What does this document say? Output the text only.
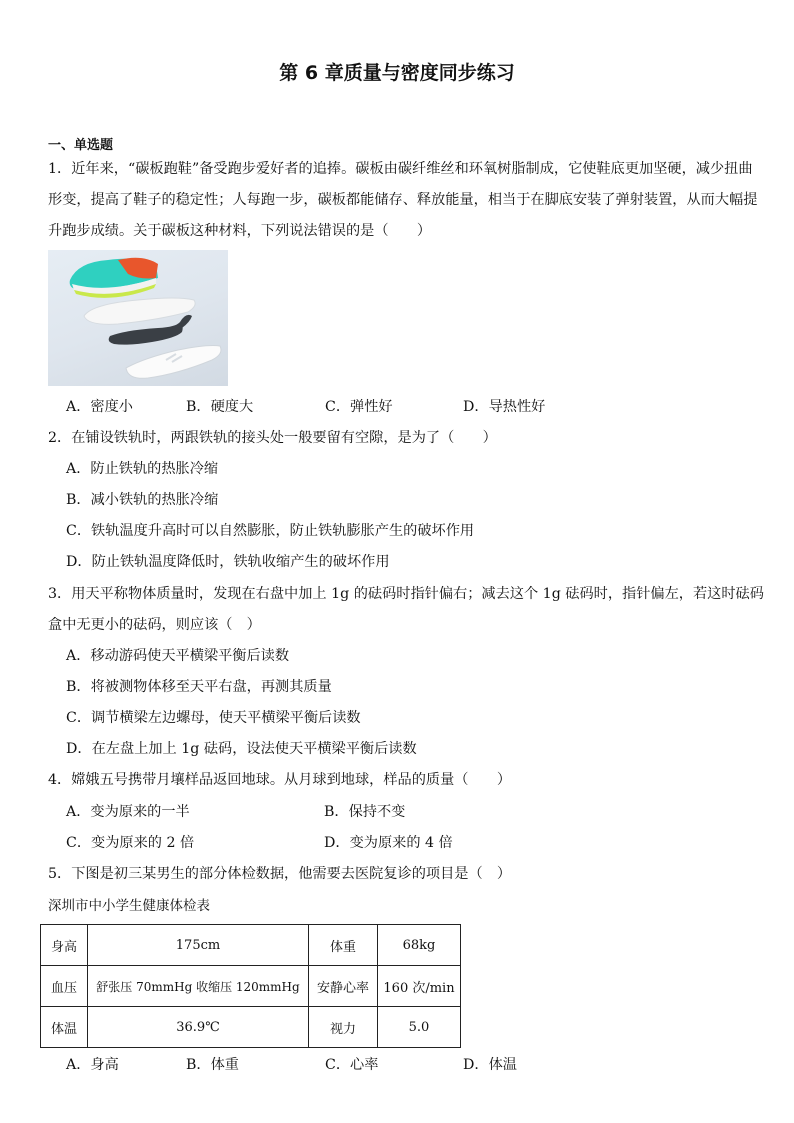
第 6 章质量与密度同步练习
一、单选题
1．近年来，“碳板跑鞋”备受跑步爱好者的追捧。碳板由碳纤维丝和环氧树脂制成，它使鞋底更加坚硬，减少扭曲
形变，提高了鞋子的稳定性；人每跑一步，碳板都能储存、释放能量，相当于在脚底安装了弹射装置，从而大幅提
升跑步成绩。关于碳板这种材料，下列说法错误的是（　　）
A．密度小	B．硬度大	C．弹性好	D．导热性好
2．在铺设铁轨时，两跟铁轨的接头处一般要留有空隙，是为了（　　）
A．防止铁轨的热胀冷缩
B．减小铁轨的热胀冷缩
C．铁轨温度升高时可以自然膨胀，防止铁轨膨胀产生的破坏作用
D．防止铁轨温度降低时，铁轨收缩产生的破坏作用
3．用天平称物体质量时，发现在右盘中加上 1g 的砝码时指针偏右；减去这个 1g 砝码时，指针偏左，若这时砝码
盒中无更小的砝码，则应该（　）
A．移动游码使天平横梁平衡后读数
B．将被测物体移至天平右盘，再测其质量
C．调节横梁左边螺母，使天平横梁平衡后读数
D．在左盘上加上 1g 砝码，设法使天平横梁平衡后读数
4．嫦娥五号携带月壤样品返回地球。从月球到地球，样品的质量（　　）
A．变为原来的一半	B．保持不变
C．变为原来的 2 倍	D．变为原来的 4 倍
5．下图是初三某男生的部分体检数据，他需要去医院复诊的项目是（　）
深圳市中小学生健康体检表
身高	175cm	体重	68kg
血压	舒张压 70mmHg 收缩压 120mmHg	安静心率	160 次/min
体温	36.9℃	视力	5.0
A．身高	B．体重	C．心率	D．体温
